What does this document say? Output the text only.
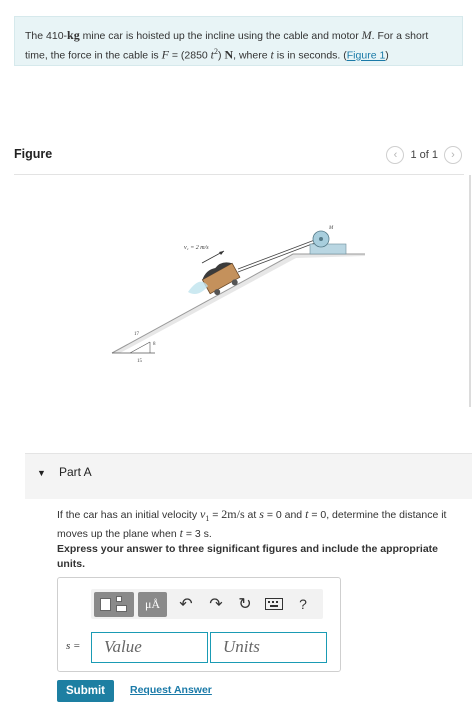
The 410-kg mine car is hoisted up the incline using the cable and motor M. For a short time, the force in the cable is F = (2850 $t^2$) N, where t is in seconds. (Figure 1)
Figure	‹	1 of 1	›
17
8
15
M
v₁ = 2 m/s
▼ Part A
If the car has an initial velocity $v_1 = 2m/s$ at s = 0 and t = 0, determine the distance it moves up the plane when t = 3 s.
Express your answer to three significant figures and include the appropriate units.
μÅ	↶ ↷ ↻	?
s =	Value	Units
Submit	Request Answer
